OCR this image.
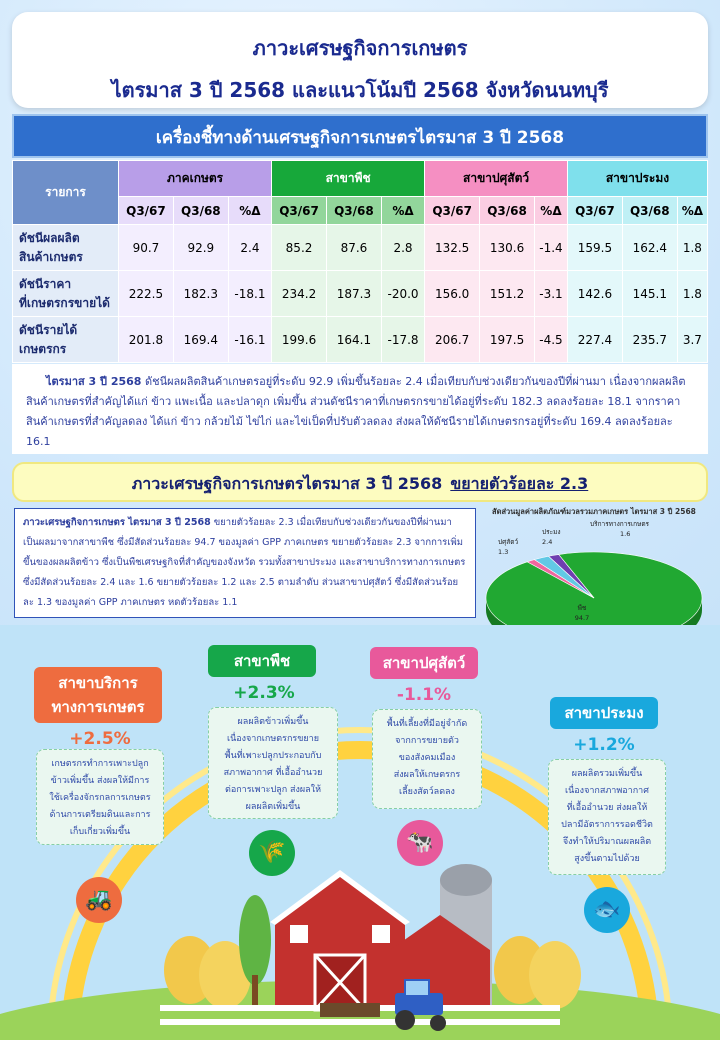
ภาวะเศรษฐกิจการเกษตร
ไตรมาส 3 ปี 2568 และแนวโน้มปี 2568 จังหวัดนนทบุรี
เครื่องชี้ทางด้านเศรษฐกิจการเกษตรไตรมาส 3 ปี 2568
รายการ	ภาคเกษตร			สาขาพืช			สาขาปศุสัตว์			สาขาประมง		
	Q3/67	Q3/68	%Δ	Q3/67	Q3/68	%Δ	Q3/67	Q3/68	%Δ	Q3/67	Q3/68	%Δ

ดัชนีผลผลิต
สินค้าเกษตร	90.7	92.9	2.4	85.2	87.6	2.8	132.5	130.6	-1.4	159.5	162.4	1.8

ดัชนีราคา
ที่เกษตรกรขายได้	222.5	182.3	-18.1	234.2	187.3	-20.0	156.0	151.2	-3.1	142.6	145.1	1.8

ดัชนีรายได้
เกษตรกร	201.8	169.4	-16.1	199.6	164.1	-17.8	206.7	197.5	-4.5	227.4	235.7	3.7
ไตรมาส 3 ปี 2568 ดัชนีผลผลิตสินค้าเกษตรอยู่ที่ระดับ 92.9 เพิ่มขึ้นร้อยละ 2.4 เมื่อเทียบกับช่วงเดียวกันของปีที่ผ่านมา เนื่องจากผลผลิตสินค้าเกษตรที่สำคัญได้แก่ ข้าว แพะเนื้อ และปลาดุก เพิ่มขึ้น ส่วนดัชนีราคาที่เกษตรกรขายได้อยู่ที่ระดับ 182.3 ลดลงร้อยละ 18.1 จากราคาสินค้าเกษตรที่สำคัญลดลง ได้แก่ ข้าว กล้วยไม้ ไข่ไก่ และไข่เป็ดที่ปรับตัวลดลง ส่งผลให้ดัชนีรายได้เกษตรกรอยู่ที่ระดับ 169.4 ลดลงร้อยละ 16.1
ภาวะเศรษฐกิจการเกษตรไตรมาส 3 ปี 2568 ขยายตัวร้อยละ 2.3
ภาวะเศรษฐกิจการเกษตร ไตรมาส 3 ปี 2568 ขยายตัวร้อยละ 2.3 เมื่อเทียบกับช่วงเดียวกันของปีที่ผ่านมา เป็นผลมาจากสาขาพืช ซึ่งมีสัดส่วนร้อยละ 94.7 ของมูลค่า GPP ภาคเกษตร ขยายตัวร้อยละ 2.3 จากการเพิ่มขึ้นของผลผลิตข้าว ซึ่งเป็นพืชเศรษฐกิจที่สำคัญของจังหวัด รวมทั้งสาขาประมง และสาขาบริการทางการเกษตร ซึ่งมีสัดส่วนร้อยละ 2.4 และ 1.6 ขยายตัวร้อยละ 1.2 และ 2.5 ตามลำดับ ส่วนสาขาปศุสัตว์ ซึ่งมีสัดส่วนร้อยละ 1.3 ของมูลค่า GPP ภาคเกษตร หดตัวร้อยละ 1.1
สัดส่วนมูลค่าผลิตภัณฑ์มวลรวมภาคเกษตร ไตรมาส 3 ปี 2568
พืช
94.7
ปศุสัตว์
1.3
ประมง
2.4
บริการทางการเกษตร
1.6
สาขาบริการ
ทางการเกษตร
+2.5%
เกษตรกรทำการเพาะปลูก
ข้าวเพิ่มขึ้น ส่งผลให้มีการ
ใช้เครื่องจักรกลการเกษตร
ด้านการเตรียมดินและการ
เก็บเกี่ยวเพิ่มขึ้น
🚜
สาขาพืช
+2.3%
ผลผลิตข้าวเพิ่มขึ้น
เนื่องจากเกษตรกรขยาย
พื้นที่เพาะปลูกประกอบกับ
สภาพอากาศ ที่เอื้ออำนวย
ต่อการเพาะปลูก ส่งผลให้
ผลผลิตเพิ่มขึ้น
🌾
สาขาปศุสัตว์
-1.1%
พื้นที่เลี้ยงที่มีอยู่จำกัด
จากการขยายตัว
ของสังคมเมือง
ส่งผลให้เกษตรกร
เลี้ยงสัตว์ลดลง
🐄
สาขาประมง
+1.2%
ผลผลิตรวมเพิ่มขึ้น
เนื่องจากสภาพอากาศ
ที่เอื้ออำนวย ส่งผลให้
ปลามีอัตราการรอดชีวิต
จึงทำให้ปริมาณผลผลิต
สูงขึ้นตามไปด้วย
🐟
